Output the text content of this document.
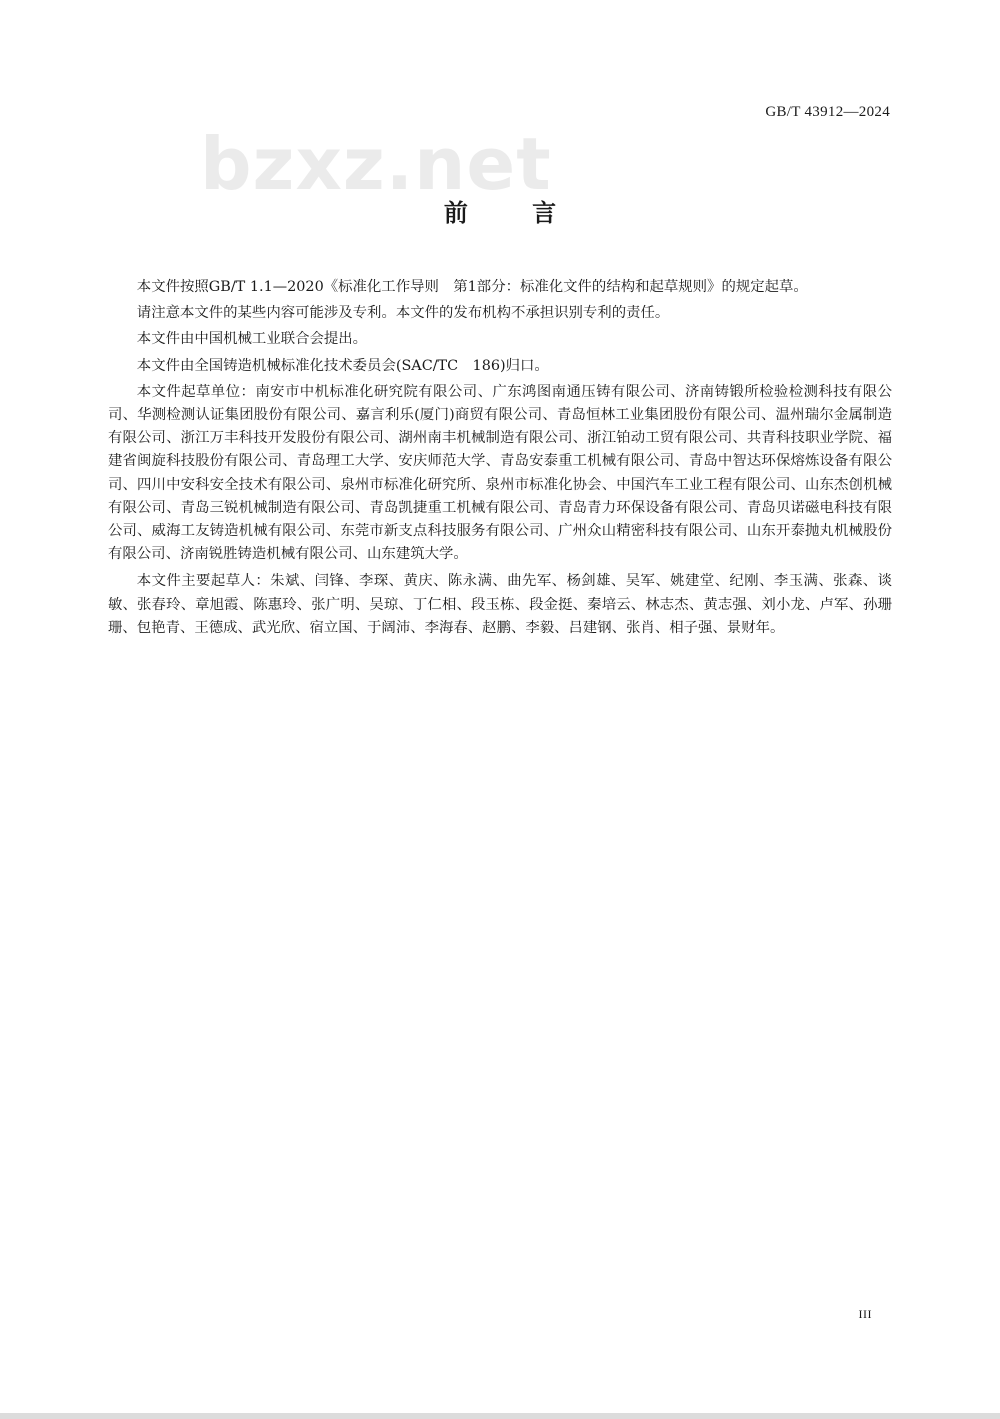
GB/T 43912—2024
bzxz.net
前 言

本文件按照GB/T 1.1—2020《标准化工作导则　第1部分：标准化文件的结构和起草规则》的规定起草。

请注意本文件的某些内容可能涉及专利。本文件的发布机构不承担识别专利的责任。

本文件由中国机械工业联合会提出。

本文件由全国铸造机械标准化技术委员会(SAC/TC　186)归口。

本文件起草单位：南安市中机标准化研究院有限公司、广东鸿图南通压铸有限公司、济南铸锻所检验检测科技有限公司、华测检测认证集团股份有限公司、嘉言利乐(厦门)商贸有限公司、青岛恒林工业集团股份有限公司、温州瑞尔金属制造有限公司、浙江万丰科技开发股份有限公司、湖州南丰机械制造有限公司、浙江铂动工贸有限公司、共青科技职业学院、福建省闽旋科技股份有限公司、青岛理工大学、安庆师范大学、青岛安泰重工机械有限公司、青岛中智达环保熔炼设备有限公司、四川中安科安全技术有限公司、泉州市标准化研究所、泉州市标准化协会、中国汽车工业工程有限公司、山东杰创机械有限公司、青岛三锐机械制造有限公司、青岛凯捷重工机械有限公司、青岛青力环保设备有限公司、青岛贝诺磁电科技有限公司、威海工友铸造机械有限公司、东莞市新支点科技服务有限公司、广州众山精密科技有限公司、山东开泰抛丸机械股份有限公司、济南锐胜铸造机械有限公司、山东建筑大学。

本文件主要起草人：朱斌、闫锋、李琛、黄庆、陈永满、曲先军、杨剑雄、吴军、姚建堂、纪刚、李玉满、张森、谈敏、张春玲、章旭霞、陈惠玲、张广明、吴琼、丁仁相、段玉栋、段金挺、秦培云、林志杰、黄志强、刘小龙、卢军、孙珊珊、包艳青、王德成、武光欣、宿立国、于阔沛、李海春、赵鹏、李毅、吕建钢、张肖、相子强、景财年。

III
